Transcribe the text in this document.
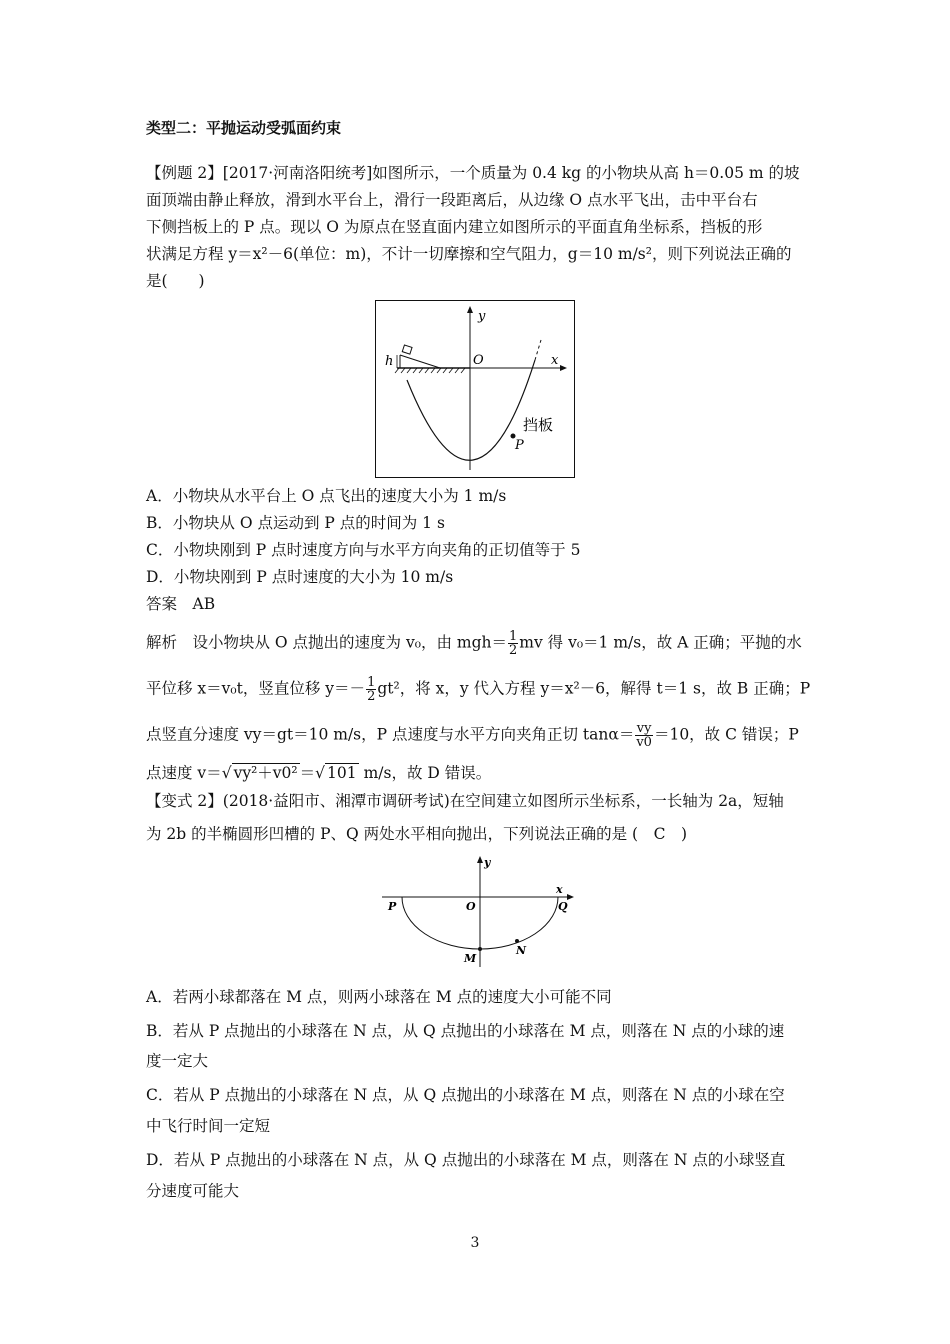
类型二：平抛运动受弧面约束
【例题 2】[2017·河南洛阳统考]如图所示，一个质量为 0.4 kg 的小物块从高 h＝0.05 m 的坡
面顶端由静止释放，滑到水平台上，滑行一段距离后，从边缘 O 点水平飞出，击中平台右
下侧挡板上的 P 点。现以 O 为原点在竖直面内建立如图所示的平面直角坐标系，挡板的形
状满足方程 y＝x²－6(单位：m)，不计一切摩擦和空气阻力，g＝10 m/s²，则下列说法正确的
是(　　)
y
x
O
h
P
挡板
A．小物块从水平台上 O 点飞出的速度大小为 1 m/s
B．小物块从 O 点运动到 P 点的时间为 1 s
C．小物块刚到 P 点时速度方向与水平方向夹角的正切值等于 5
D．小物块刚到 P 点时速度的大小为 10 m/s
答案　AB
解析　设小物块从 O 点抛出的速度为 v₀，由 $mgh= \frac{1}{2}$ mv 得 v₀＝1 m/s，故 A 正确；平抛的水
平位移 x＝v₀t，竖直位移 $y=- \frac{1}{2} gt^2$，将 x，y 代入方程 y＝x²－6，解得 t＝1 s，故 B 正确；P
点竖直分速度 vy＝gt＝10 m/s，P 点速度与水平方向夹角正切 $\tan\alpha= \frac{vy}{v0} =10$，故 C 错误；P
点速度 v＝√ vy²＋v0² ＝√ 101 m/s，故 D 错误。
【变式 2】(2018·益阳市、湘潭市调研考试)在空间建立如图所示坐标系，一长轴为 2a，短轴
为 2b 的半椭圆形凹槽的 P、Q 两处水平相向抛出，下列说法正确的是 (　C　)
y
x
P	Q
O
M
N
A．若两小球都落在 M 点，则两小球落在 M 点的速度大小可能不同
B．若从 P 点抛出的小球落在 N 点，从 Q 点抛出的小球落在 M 点，则落在 N 点的小球的速
度一定大
C．若从 P 点抛出的小球落在 N 点，从 Q 点抛出的小球落在 M 点，则落在 N 点的小球在空
中飞行时间一定短
D．若从 P 点抛出的小球落在 N 点，从 Q 点抛出的小球落在 M 点，则落在 N 点的小球竖直
分速度可能大
3
